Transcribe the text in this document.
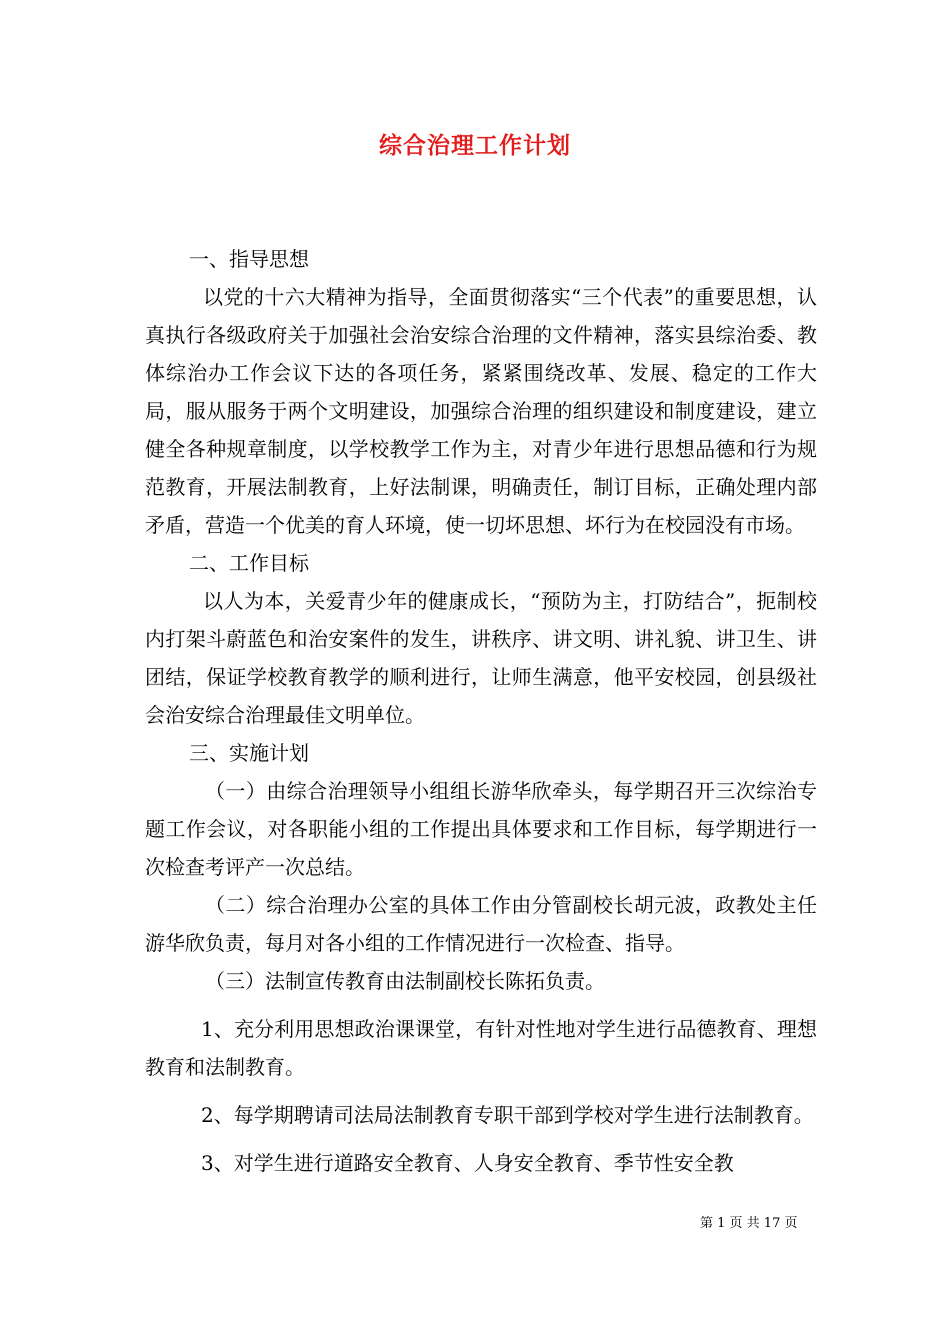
综合治理工作计划

一、指导思想

以党的十六大精神为指导，全面贯彻落实“三个代表”的重要思想，认真执行各级政府关于加强社会治安综合治理的文件精神，落实县综治委、教体综治办工作会议下达的各项任务，紧紧围绕改革、发展、稳定的工作大局，服从服务于两个文明建设，加强综合治理的组织建设和制度建设，建立健全各种规章制度，以学校教学工作为主，对青少年进行思想品德和行为规范教育，开展法制教育，上好法制课，明确责任，制订目标，正确处理内部矛盾，营造一个优美的育人环境，使一切坏思想、坏行为在校园没有市场。

二、工作目标

以人为本，关爱青少年的健康成长，“预防为主，打防结合”，扼制校内打架斗蔚蓝色和治安案件的发生，讲秩序、讲文明、讲礼貌、讲卫生、讲团结，保证学校教育教学的顺利进行，让师生满意，他平安校园，创县级社会治安综合治理最佳文明单位。

三、实施计划

（一）由综合治理领导小组组长游华欣牵头，每学期召开三次综治专题工作会议，对各职能小组的工作提出具体要求和工作目标，每学期进行一次检查考评产一次总结。

（二）综合治理办公室的具体工作由分管副校长胡元波，政教处主任游华欣负责，每月对各小组的工作情况进行一次检查、指导。

（三）法制宣传教育由法制副校长陈拓负责。

1、充分利用思想政治课课堂，有针对性地对学生进行品德教育、理想教育和法制教育。

2、每学期聘请司法局法制教育专职干部到学校对学生进行法制教育。

3、对学生进行道路安全教育、人身安全教育、季节性安全教

第 1 页 共 17 页
